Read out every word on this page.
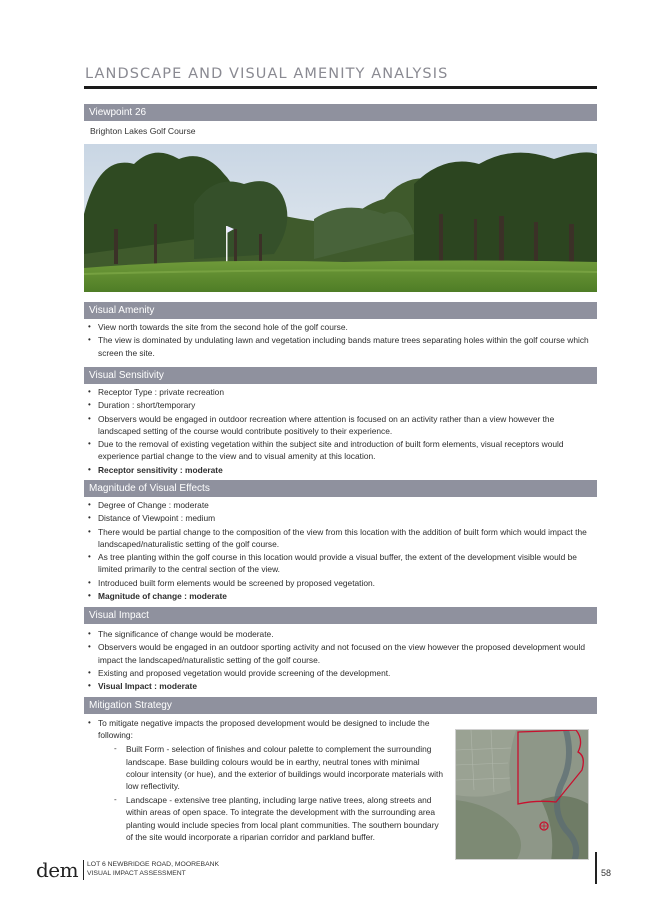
LANDSCAPE AND VISUAL AMENITY ANALYSIS
Viewpoint 26
Brighton Lakes Golf Course
Visual Amenity
• View north towards the site from the second hole of the golf course.
• The view is dominated by undulating lawn and vegetation including bands mature trees separating holes within the golf course which screen the site.
Visual Sensitivity
• Receptor Type : private recreation
• Duration : short/temporary
• Observers would be engaged in outdoor recreation where attention is focused on an activity rather than a view however the landscaped setting of the course would contribute positively to their experience.
• Due to the removal of existing vegetation within the subject site and introduction of built form elements, visual receptors would experience partial change to the view and to visual amenity at this location.
• Receptor sensitivity : moderate
Magnitude of Visual Effects
• Degree of Change : moderate
• Distance of Viewpoint : medium
• There would be partial change to the composition of the view from this location with the addition of built form which would impact the landscaped/naturalistic setting of the golf course.
• As tree planting within the golf course in this location would provide a visual buffer, the extent of the development visible would be limited primarily to the central section of the view.
• Introduced built form elements would be screened by proposed vegetation.
• Magnitude of change : moderate
Visual Impact
• The significance of change would be moderate.
• Observers would be engaged in an outdoor sporting activity and not focused on the view however the proposed development would impact the landscaped/naturalistic setting of the golf course.
• Existing and proposed vegetation would provide screening of the development.
• Visual Impact : moderate
Mitigation Strategy
• To mitigate negative impacts the proposed development would be designed to include the following:
- Built Form - selection of finishes and colour palette to complement the surrounding landscape. Base building colours would be in earthy, neutral tones with minimal colour intensity (or hue), and the exterior of buildings would incorporate materials with low reflectivity.
- Landscape - extensive tree planting, including large native trees, along streets and within areas of open space. To integrate the development with the surrounding area planting would include species from local plant communities. The southern boundary of the site would incorporate a riparian corridor and parkland buffer.
dem LOT 6 NEWBRIDGE ROAD, MOOREBANK
VISUAL IMPACT ASSESSMENT	58
